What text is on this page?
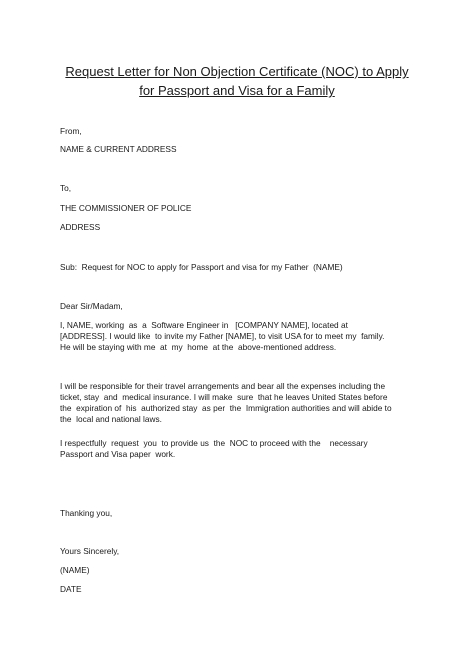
Request Letter for Non Objection Certificate (NOC) to Apply
for Passport and Visa for a Family
From,
NAME & CURRENT ADDRESS
To,
THE COMMISSIONER OF POLICE
ADDRESS
Sub:  Request for NOC to apply for Passport and visa for my Father  (NAME)
Dear Sir/Madam,
I, NAME, working  as  a  Software Engineer in   [COMPANY NAME], located at
[ADDRESS]. I would like  to invite my Father [NAME], to visit USA for to meet my  family.
He will be staying with me  at  my  home  at the  above-mentioned address.
I will be responsible for their travel arrangements and bear all the expenses including the
ticket, stay  and  medical insurance. I will make  sure  that he leaves United States before
the  expiration of  his  authorized stay  as per  the  Immigration authorities and will abide to
the  local and national laws.
I respectfully  request  you  to provide us  the  NOC to proceed with the    necessary
Passport and Visa paper  work.
Thanking you,
Yours Sincerely,
(NAME)
DATE
